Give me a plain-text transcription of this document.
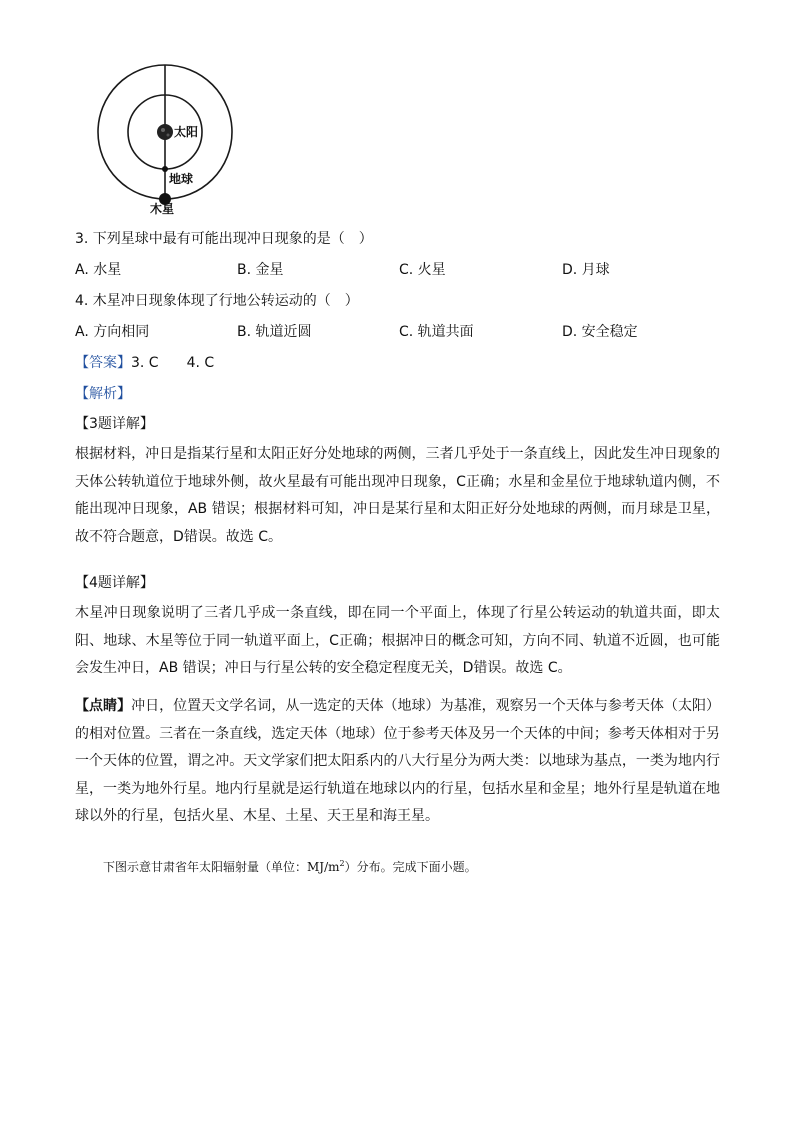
太阳
地球
木星
3. 下列星球中最有可能出现冲日现象的是（　）
A. 水星	B. 金星	C. 火星	D. 月球
4. 木星冲日现象体现了行地公转运动的（　）
A. 方向相同	B. 轨道近圆	C. 轨道共面	D. 安全稳定
【答案】3. C　　4. C
【解析】
【3题详解】
根据材料，冲日是指某行星和太阳正好分处地球的两侧，三者几乎处于一条直线上，因此发生冲日现象的天体公转轨道位于地球外侧，故火星最有可能出现冲日现象，C正确；水星和金星位于地球轨道内侧，不能出现冲日现象，AB 错误；根据材料可知，冲日是某行星和太阳正好分处地球的两侧，而月球是卫星，故不符合题意，D错误。故选 C。
【4题详解】
木星冲日现象说明了三者几乎成一条直线，即在同一个平面上，体现了行星公转运动的轨道共面，即太阳、地球、木星等位于同一轨道平面上，C正确；根据冲日的概念可知，方向不同、轨道不近圆，也可能会发生冲日，AB 错误；冲日与行星公转的安全稳定程度无关，D错误。故选 C。
【点睛】冲日，位置天文学名词，从一选定的天体（地球）为基准，观察另一个天体与参考天体（太阳）的相对位置。三者在一条直线，选定天体（地球）位于参考天体及另一个天体的中间；参考天体相对于另一个天体的位置，谓之冲。天文学家们把太阳系内的八大行星分为两大类：以地球为基点，一类为地内行星，一类为地外行星。地内行星就是运行轨道在地球以内的行星，包括水星和金星；地外行星是轨道在地球以外的行星，包括火星、木星、土星、天王星和海王星。
下图示意甘肃省年太阳辐射量（单位：$MJ/m^2$）分布。完成下面小题。
